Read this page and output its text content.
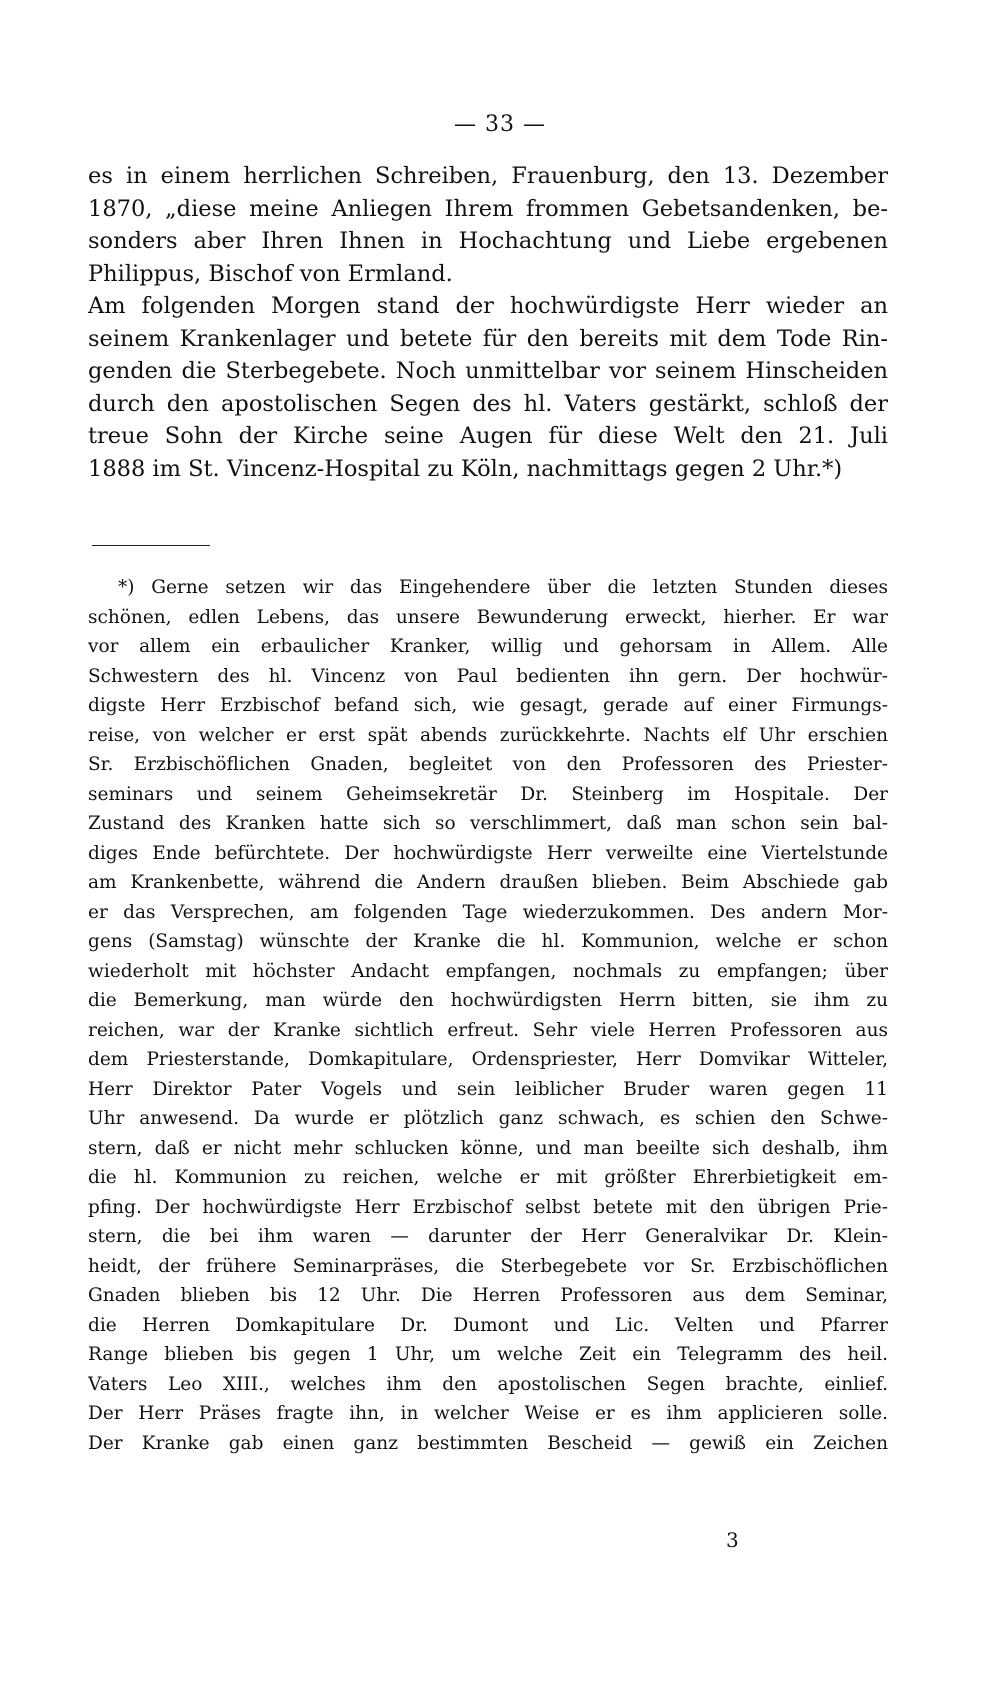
— 33 —
es in einem herrlichen Schreiben, Frauenburg, den 13. Dezember
1870, „diese meine Anliegen Ihrem frommen Gebetsandenken, be-
sonders aber Ihren Ihnen in Hochachtung und Liebe ergebenen
Philippus, Bischof von Ermland.
Am folgenden Morgen stand der hochwürdigste Herr wieder an
seinem Krankenlager und betete für den bereits mit dem Tode Rin-
genden die Sterbegebete. Noch unmittelbar vor seinem Hinscheiden
durch den apostolischen Segen des hl. Vaters gestärkt, schloß der
treue Sohn der Kirche seine Augen für diese Welt den 21. Juli
1888 im St. Vincenz-Hospital zu Köln, nachmittags gegen 2 Uhr.*)
*) Gerne setzen wir das Eingehendere über die letzten Stunden dieses
schönen, edlen Lebens, das unsere Bewunderung erweckt, hierher. Er war
vor allem ein erbaulicher Kranker, willig und gehorsam in Allem. Alle
Schwestern des hl. Vincenz von Paul bedienten ihn gern. Der hochwür-
digste Herr Erzbischof befand sich, wie gesagt, gerade auf einer Firmungs-
reise, von welcher er erst spät abends zurückkehrte. Nachts elf Uhr erschien
Sr. Erzbischöflichen Gnaden, begleitet von den Professoren des Priester-
seminars und seinem Geheimsekretär Dr. Steinberg im Hospitale. Der
Zustand des Kranken hatte sich so verschlimmert, daß man schon sein bal-
diges Ende befürchtete. Der hochwürdigste Herr verweilte eine Viertelstunde
am Krankenbette, während die Andern draußen blieben. Beim Abschiede gab
er das Versprechen, am folgenden Tage wiederzukommen. Des andern Mor-
gens (Samstag) wünschte der Kranke die hl. Kommunion, welche er schon
wiederholt mit höchster Andacht empfangen, nochmals zu empfangen; über
die Bemerkung, man würde den hochwürdigsten Herrn bitten, sie ihm zu
reichen, war der Kranke sichtlich erfreut. Sehr viele Herren Professoren aus
dem Priesterstande, Domkapitulare, Ordenspriester, Herr Domvikar Witteler,
Herr Direktor Pater Vogels und sein leiblicher Bruder waren gegen 11
Uhr anwesend. Da wurde er plötzlich ganz schwach, es schien den Schwe-
stern, daß er nicht mehr schlucken könne, und man beeilte sich deshalb, ihm
die hl. Kommunion zu reichen, welche er mit größter Ehrerbietigkeit em-
pfing. Der hochwürdigste Herr Erzbischof selbst betete mit den übrigen Prie-
stern, die bei ihm waren — darunter der Herr Generalvikar Dr. Klein-
heidt, der frühere Seminarpräses, die Sterbegebete vor Sr. Erzbischöflichen
Gnaden blieben bis 12 Uhr. Die Herren Professoren aus dem Seminar,
die Herren Domkapitulare Dr. Dumont und Lic. Velten und Pfarrer
Range blieben bis gegen 1 Uhr, um welche Zeit ein Telegramm des heil.
Vaters Leo XIII., welches ihm den apostolischen Segen brachte, einlief.
Der Herr Präses fragte ihn, in welcher Weise er es ihm applicieren solle.
Der Kranke gab einen ganz bestimmten Bescheid — gewiß ein Zeichen
3
